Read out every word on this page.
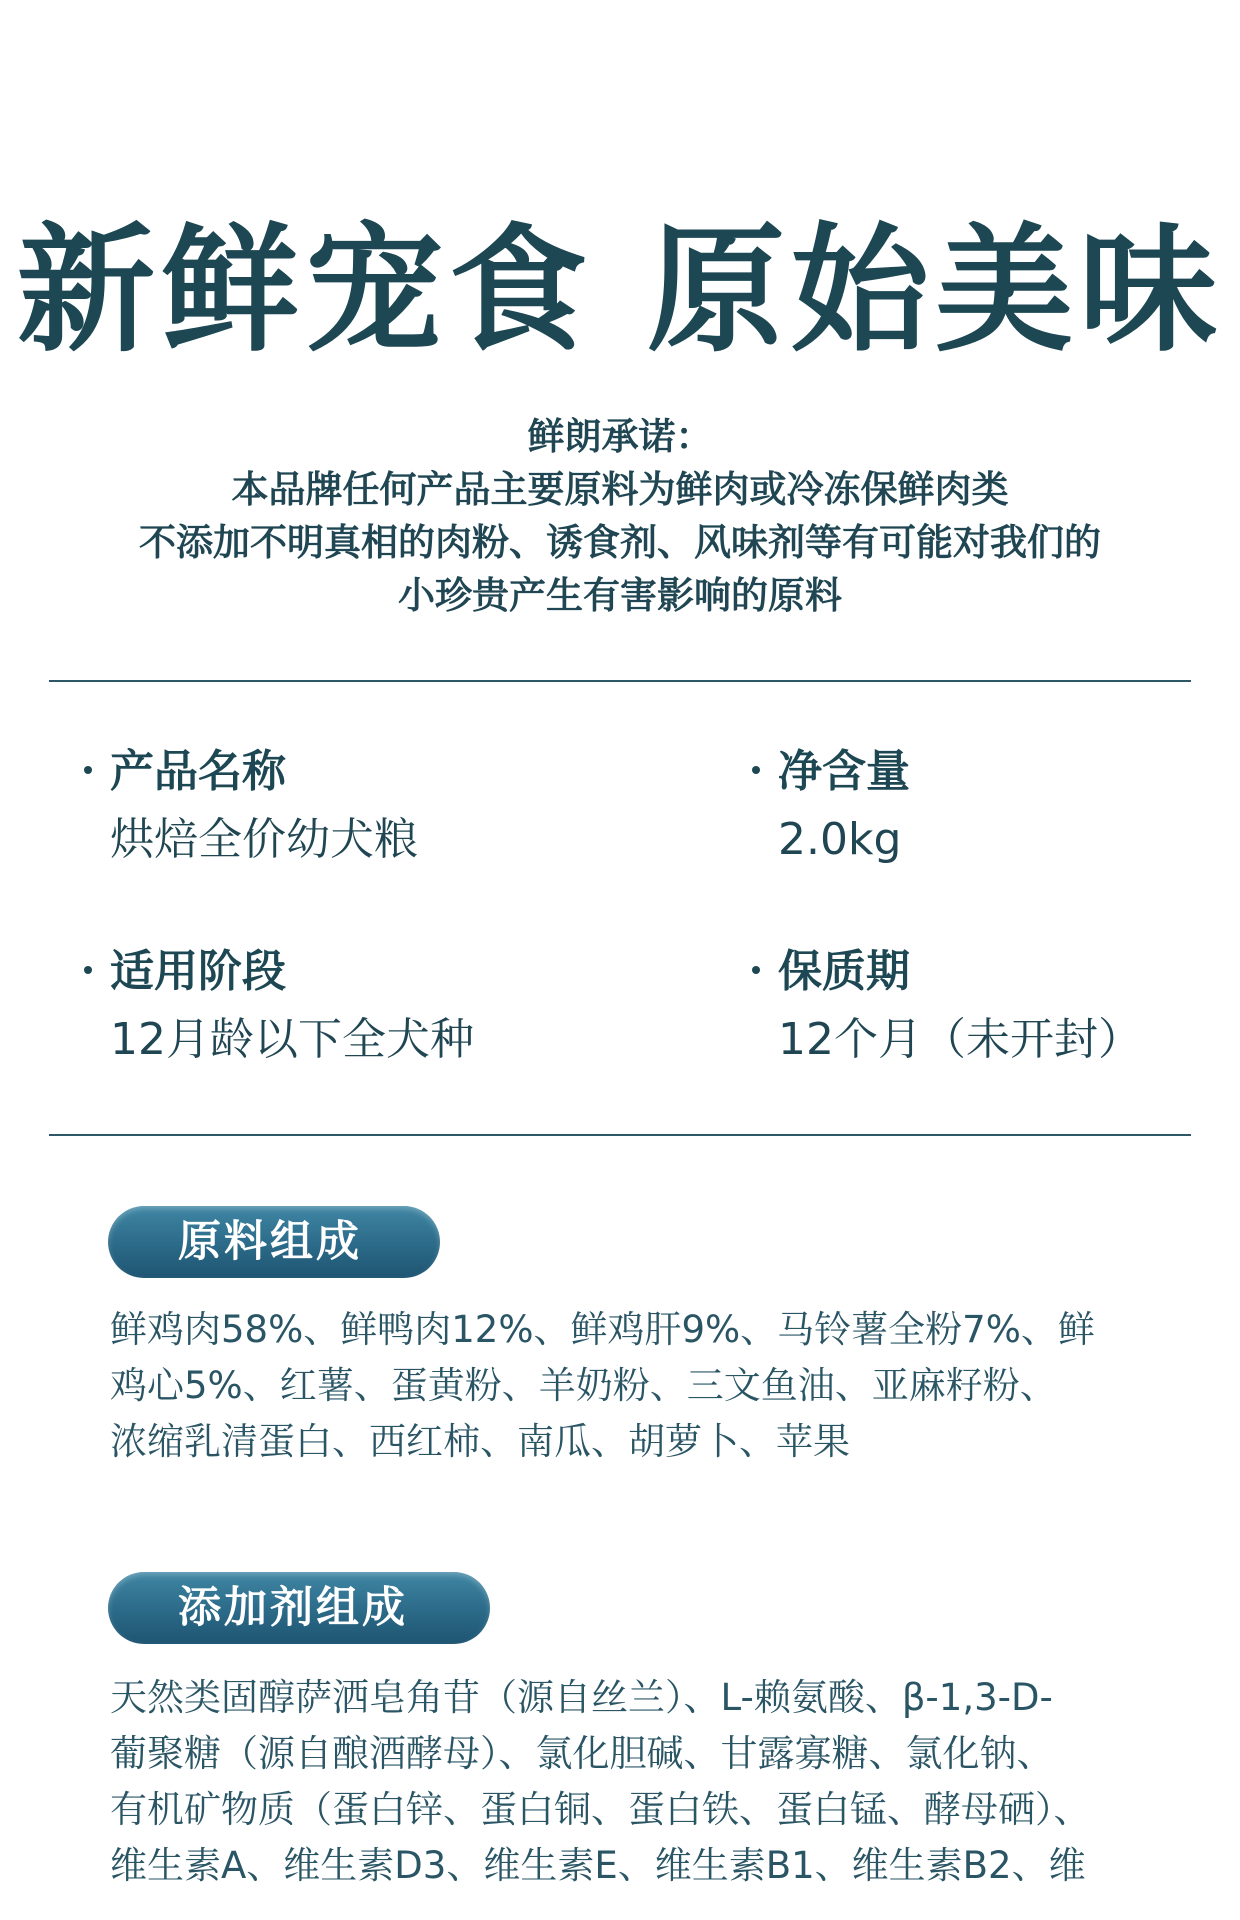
新鲜宠食 原始美味
鲜朗承诺：
本品牌任何产品主要原料为鲜肉或冷冻保鲜肉类
不添加不明真相的肉粉、诱食剂、风味剂等有可能对我们的
小珍贵产生有害影响的原料
产品名称
烘焙全价幼犬粮
净含量
2.0kg
适用阶段
12月龄以下全犬种
保质期
12个月（未开封）
原料组成
鲜鸡肉58%、鲜鸭肉12%、鲜鸡肝9%、马铃薯全粉7%、鲜
鸡心5%、红薯、蛋黄粉、羊奶粉、三文鱼油、亚麻籽粉、
浓缩乳清蛋白、西红柿、南瓜、胡萝卜、苹果
添加剂组成
天然类固醇萨洒皂角苷（源自丝兰）、L-赖氨酸、β-1,3-D-
葡聚糖（源自酿酒酵母）、氯化胆碱、甘露寡糖、氯化钠、
有机矿物质（蛋白锌、蛋白铜、蛋白铁、蛋白锰、酵母硒）、
维生素A、维生素D3、维生素E、维生素B1、维生素B2、维
